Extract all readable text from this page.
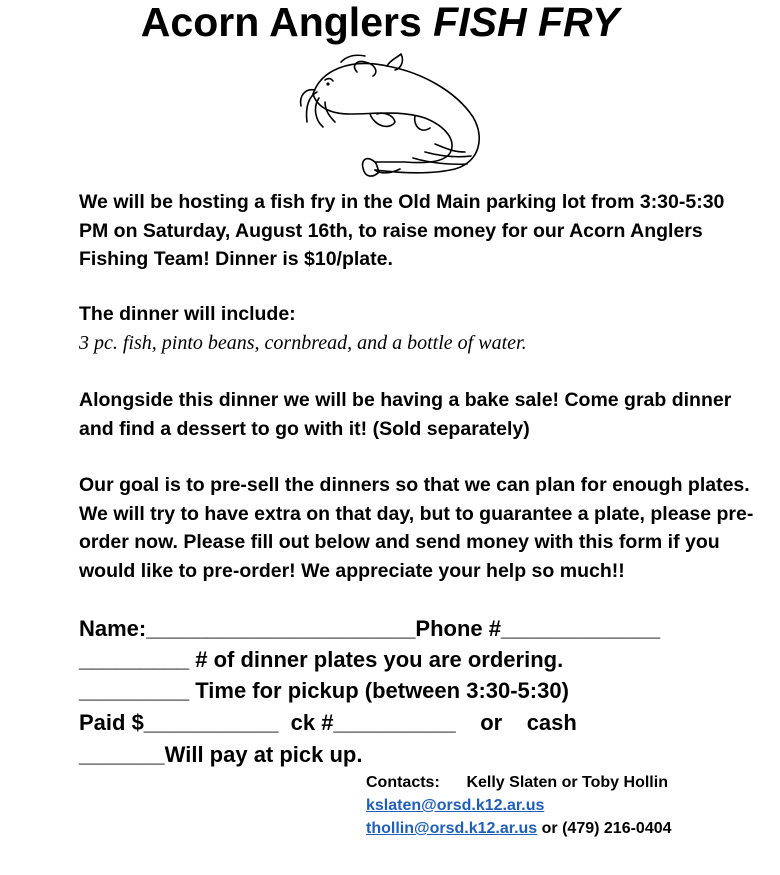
Acorn Anglers FISH FRY
We will be hosting a fish fry in the Old Main parking lot from 3:30-5:30 PM on Saturday, August 16th, to raise money for our Acorn Anglers Fishing Team! Dinner is $10/plate.
The dinner will include:
3 pc. fish, pinto beans, cornbread, and a bottle of water.
Alongside this dinner we will be having a bake sale! Come grab dinner and find a dessert to go with it! (Sold separately)
Our goal is to pre-sell the dinners so that we can plan for enough plates. We will try to have extra on that day, but to guarantee a plate, please pre-order now. Please fill out below and send money with this form if you would like to pre-order! We appreciate your help so much!!
Name:______________________Phone #_____________
_________ # of dinner plates you are ordering.
_________ Time for pickup (between 3:30-5:30)
Paid $___________  ck #__________    or    cash
_______Will pay at pick up.
Contacts: Kelly Slaten or Toby Hollin
kslaten@orsd.k12.ar.us
thollin@orsd.k12.ar.us or (479) 216-0404
